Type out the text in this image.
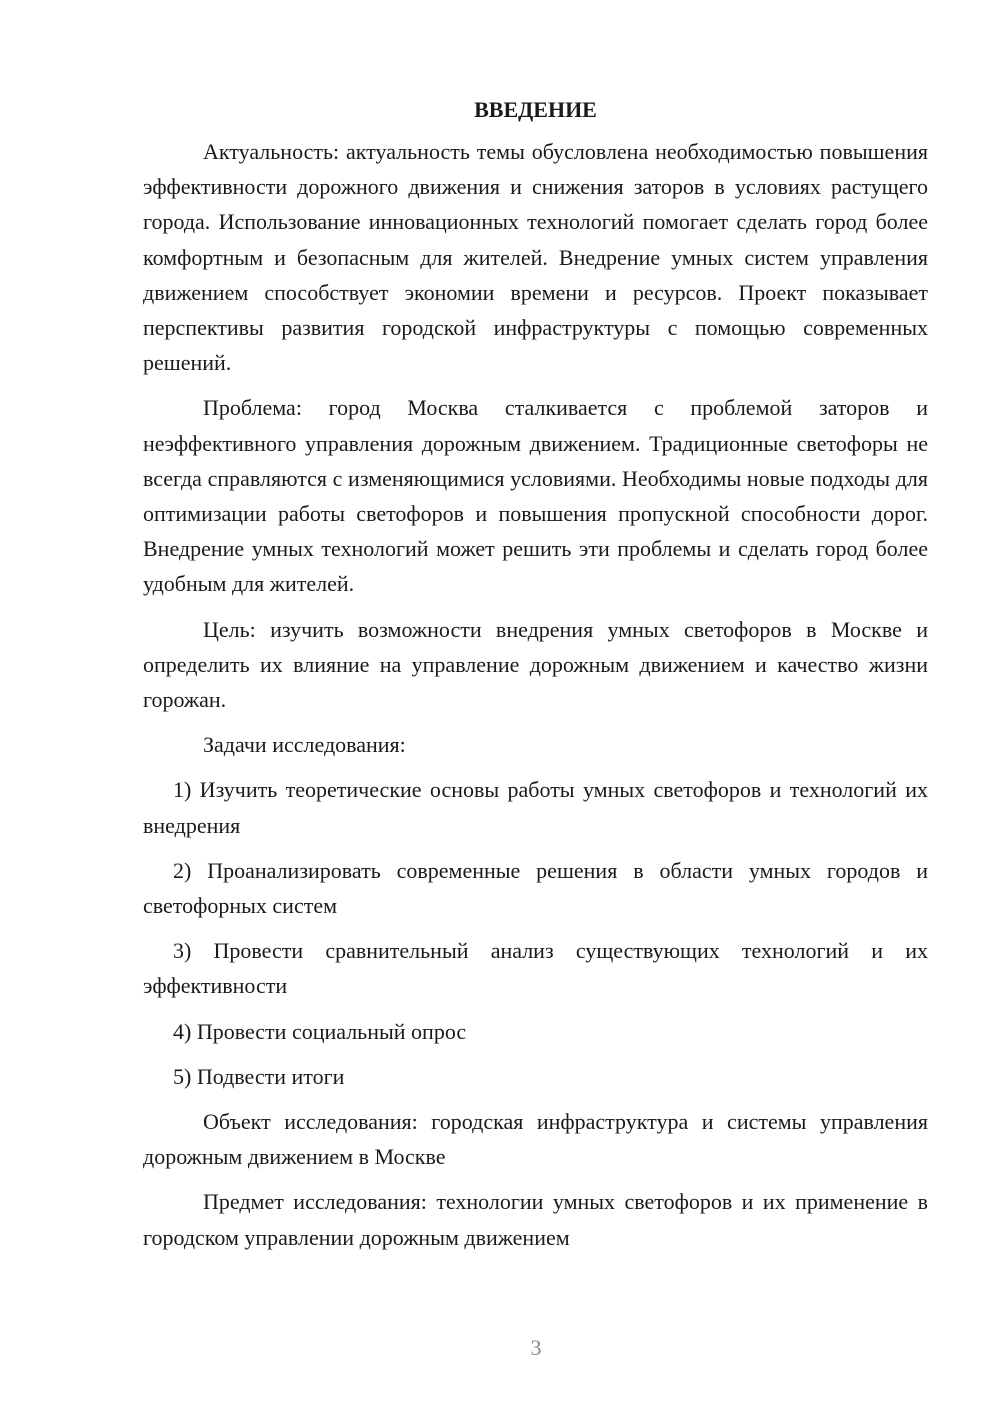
ВВЕДЕНИЕ

Актуальность: актуальность темы обусловлена необходимостью повышения эффективности дорожного движения и снижения заторов в условиях растущего города. Использование инновационных технологий помогает сделать город более комфортным и безопасным для жителей. Внедрение умных систем управления движением способствует экономии времени и ресурсов. Проект показывает перспективы развития городской инфраструктуры с помощью современных решений.

Проблема: город Москва сталкивается с проблемой заторов и неэффективного управления дорожным движением. Традиционные светофоры не всегда справляются с изменяющимися условиями. Необходимы новые подходы для оптимизации работы светофоров и повышения пропускной способности дорог. Внедрение умных технологий может решить эти проблемы и сделать город более удобным для жителей.

Цель: изучить возможности внедрения умных светофоров в Москве и определить их влияние на управление дорожным движением и качество жизни горожан.

Задачи исследования:

1) Изучить теоретические основы работы умных светофоров и технологий их внедрения

2) Проанализировать современные решения в области умных городов и светофорных систем

3) Провести сравнительный анализ существующих технологий и их эффективности

4) Провести социальный опрос

5) Подвести итоги

Объект исследования: городская инфраструктура и системы управления дорожным движением в Москве

Предмет исследования: технологии умных светофоров и их применение в городском управлении дорожным движением

3
